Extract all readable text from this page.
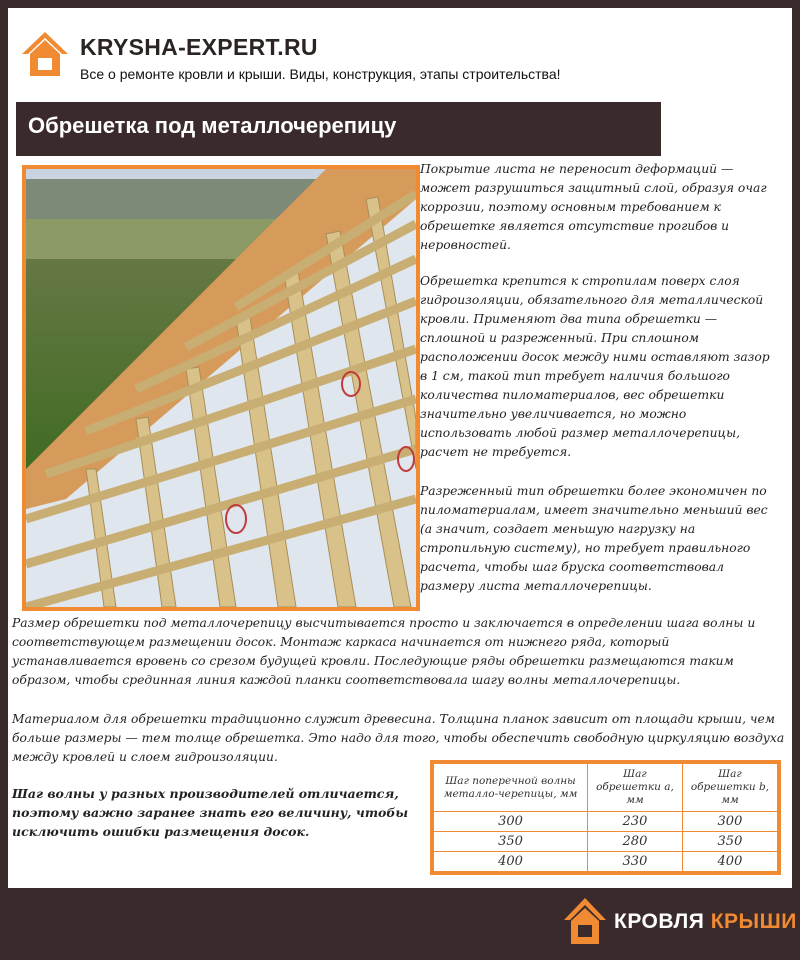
KRYSHA-EXPERT.RU
Все о ремонте кровли и крыши. Виды, конструкция, этапы строительства!
Обрешетка под металлочерепицу

Покрытие листа не переносит деформаций — может разрушиться защитный слой, образуя очаг коррозии, поэтому основным требованием к обрешетке является отсутствие прогибов и неровностей.

Обрешетка крепится к стропилам поверх слоя гидроизоляции, обязательного для металлической кровли. Применяют два типа обрешетки — сплошной и разреженный. При сплошном расположении досок между ними оставляют зазор в 1 см, такой тип требует наличия большого количества пиломатериалов, вес обрешетки значительно увеличивается, но можно использовать любой размер металлочерепицы, расчет не требуется.

Разреженный тип обрешетки более экономичен по пиломатериалам, имеет значительно меньший вес (а значит, создает меньшую нагрузку на стропильную систему), но требует правильного расчета, чтобы шаг бруска соответствовал размеру листа металлочерепицы.

Размер обрешетки под металлочерепицу высчитывается просто и заключается в определении шага волны и соответствующем размещении досок. Монтаж каркаса начинается от нижнего ряда, который устанавливается вровень со срезом будущей кровли. Последующие ряды обрешетки размещаются таким образом, чтобы срединная линия каждой планки соответствовала шагу волны металлочерепицы.

Материалом для обрешетки традиционно служит древесина. Толщина планок зависит от площади крыши, чем больше размеры — тем толще обрешетка. Это надо для того, чтобы обеспечить свободную циркуляцию воздуха между кровлей и слоем гидроизоляции.

Шаг волны у разных производителей отличается, поэтому важно заранее знать его величину, чтобы исключить ошибки размещения досок.

Шаг поперечной волны металло-черепицы, мм	Шаг обрешетки а, мм	Шаг обрешетки b, мм
300	230	300
350	280	350
400	330	400
КРОВЛЯ КРЫШИ
